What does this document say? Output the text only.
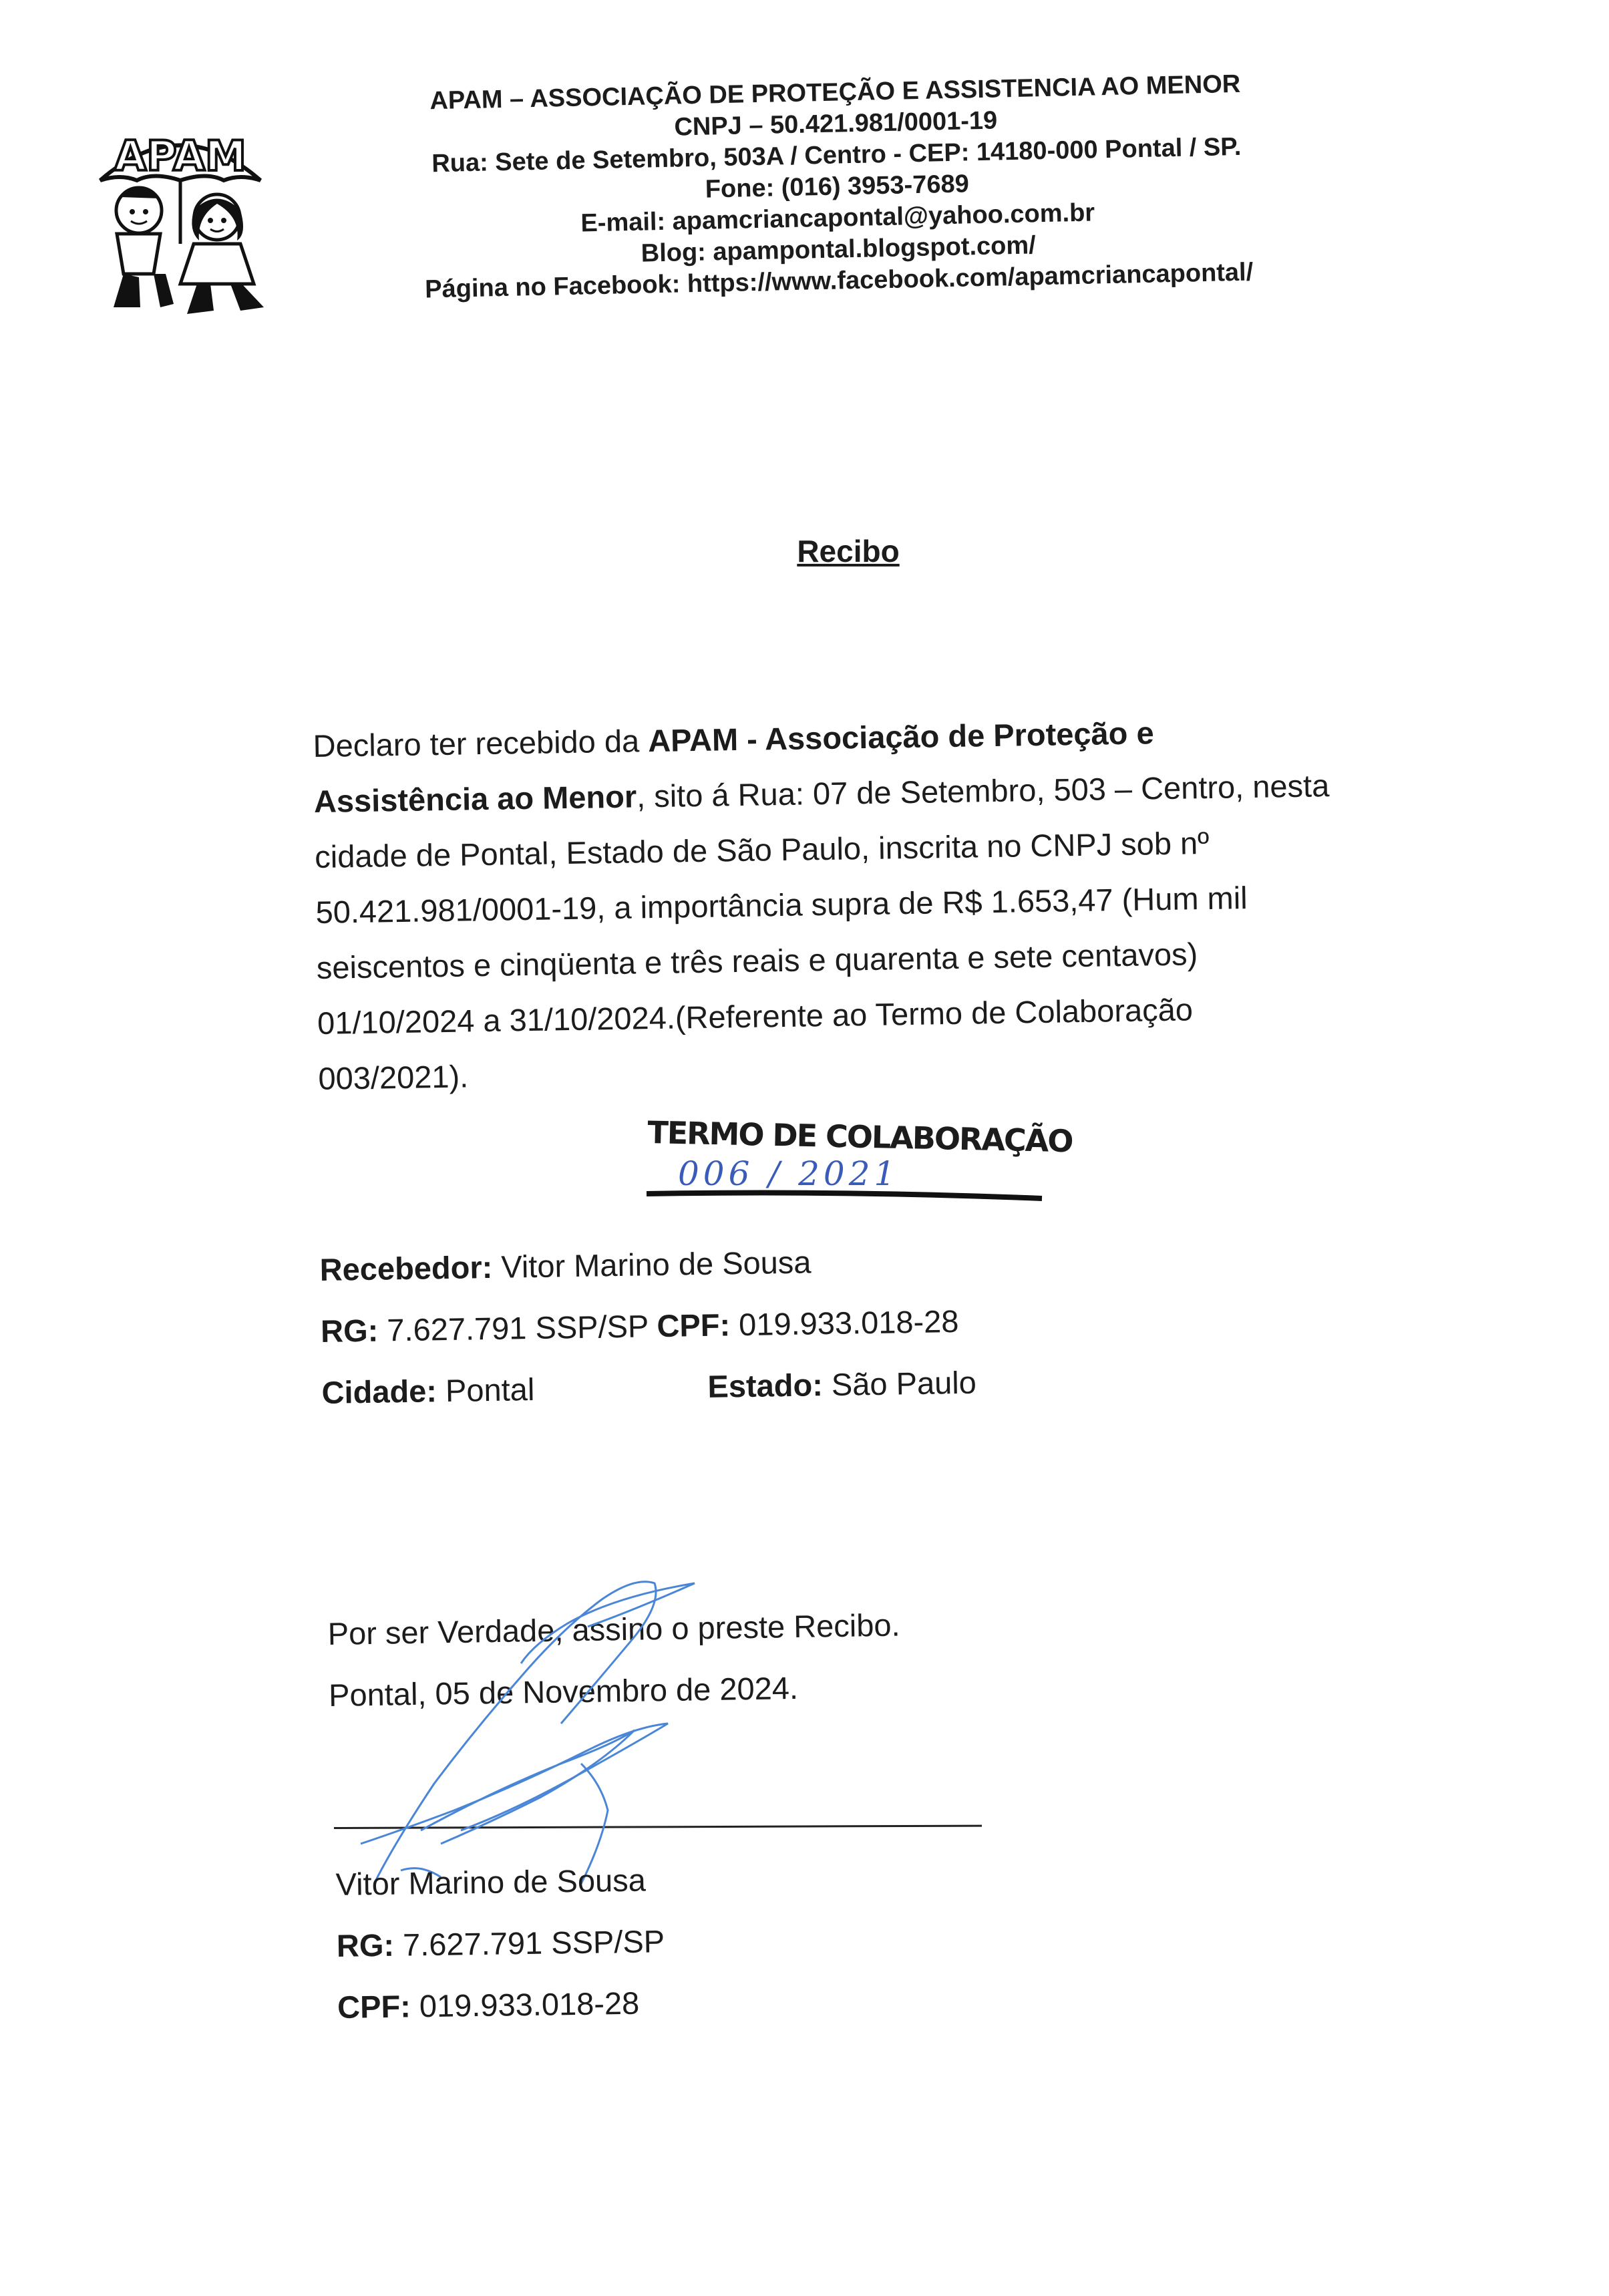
APAM
APAM – ASSOCIAÇÃO DE PROTEÇÃO E ASSISTENCIA AO MENOR
CNPJ – 50.421.981/0001-19
Rua: Sete de Setembro, 503A / Centro - CEP: 14180-000 Pontal / SP.
Fone: (016) 3953-7689
E-mail: apamcriancapontal@yahoo.com.br
Blog: apampontal.blogspot.com/
Página no Facebook: https://www.facebook.com/apamcriancapontal/
Recibo
Declaro ter recebido da APAM - Associação de Proteção e
Assistência ao Menor, sito á Rua: 07 de Setembro, 503 – Centro, nesta
cidade de Pontal, Estado de São Paulo, inscrita no CNPJ sob nº
50.421.981/0001-19, a importância supra de R$ 1.653,47 (Hum mil
seiscentos e cinqüenta e três reais e quarenta e sete centavos)
01/10/2024 a 31/10/2024.(Referente ao Termo de Colaboração
003/2021).
TERMO DE COLABORAÇÃO
006 / 2021
Recebedor: Vitor Marino de Sousa
RG: 7.627.791 SSP/SP CPF: 019.933.018-28
Cidade: Pontal	Estado: São Paulo
Por ser Verdade, assino o preste Recibo.
Pontal, 05 de Novembro de 2024.
Vitor Marino de Sousa
RG: 7.627.791 SSP/SP
CPF: 019.933.018-28
